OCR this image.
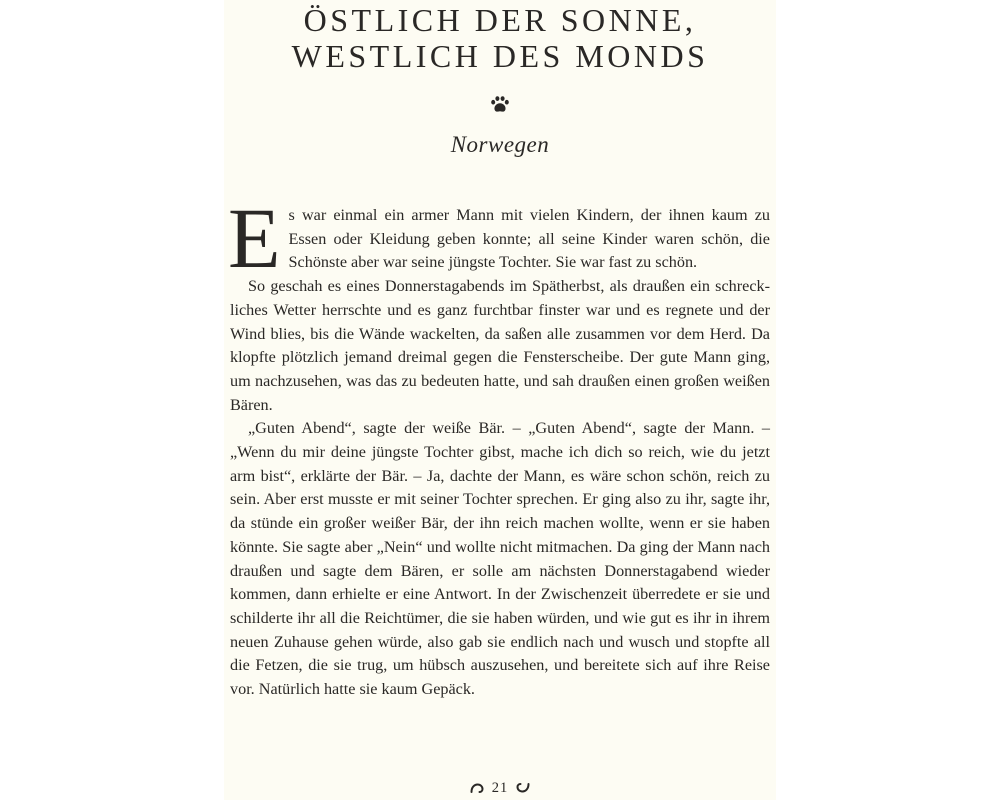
ÖSTLICH DER SONNE,
WESTLICH DES MONDS
Norwegen

Es war einmal ein armer Mann mit vielen Kindern, der ihnen kaum zu Essen oder Kleidung geben konnte; all seine Kinder waren schön, die Schönste aber war seine jüngste Tochter. Sie war fast zu schön.

So geschah es eines Donnerstagabends im Spätherbst, als draußen ein schreckliches Wetter herrschte und es ganz furchtbar finster war und es regnete und der Wind blies, bis die Wände wackelten, da saßen alle zusammen vor dem Herd. Da klopfte plötzlich jemand dreimal gegen die Fensterscheibe. Der gute Mann ging, um nachzusehen, was das zu bedeuten hatte, und sah draußen einen großen weißen Bären.

„Guten Abend“, sagte der weiße Bär. – „Guten Abend“, sagte der Mann. – „Wenn du mir deine jüngste Tochter gibst, mache ich dich so reich, wie du jetzt arm bist“, erklärte der Bär. – Ja, dachte der Mann, es wäre schon schön, reich zu sein. Aber erst musste er mit seiner Tochter sprechen. Er ging also zu ihr, sagte ihr, da stünde ein großer weißer Bär, der ihn reich machen wollte, wenn er sie haben könnte. Sie sagte aber „Nein“ und wollte nicht mitmachen. Da ging der Mann nach draußen und sagte dem Bären, er solle am nächsten Donnerstagabend wieder kommen, dann erhielte er eine Antwort. In der Zwischenzeit überredete er sie und schilderte ihr all die Reichtümer, die sie haben würden, und wie gut es ihr in ihrem neuen Zuhause gehen würde, also gab sie endlich nach und wusch und stopfte all die Fetzen, die sie trug, um hübsch auszusehen, und bereitete sich auf ihre Reise vor. Natürlich hatte sie kaum Gepäck.

21
